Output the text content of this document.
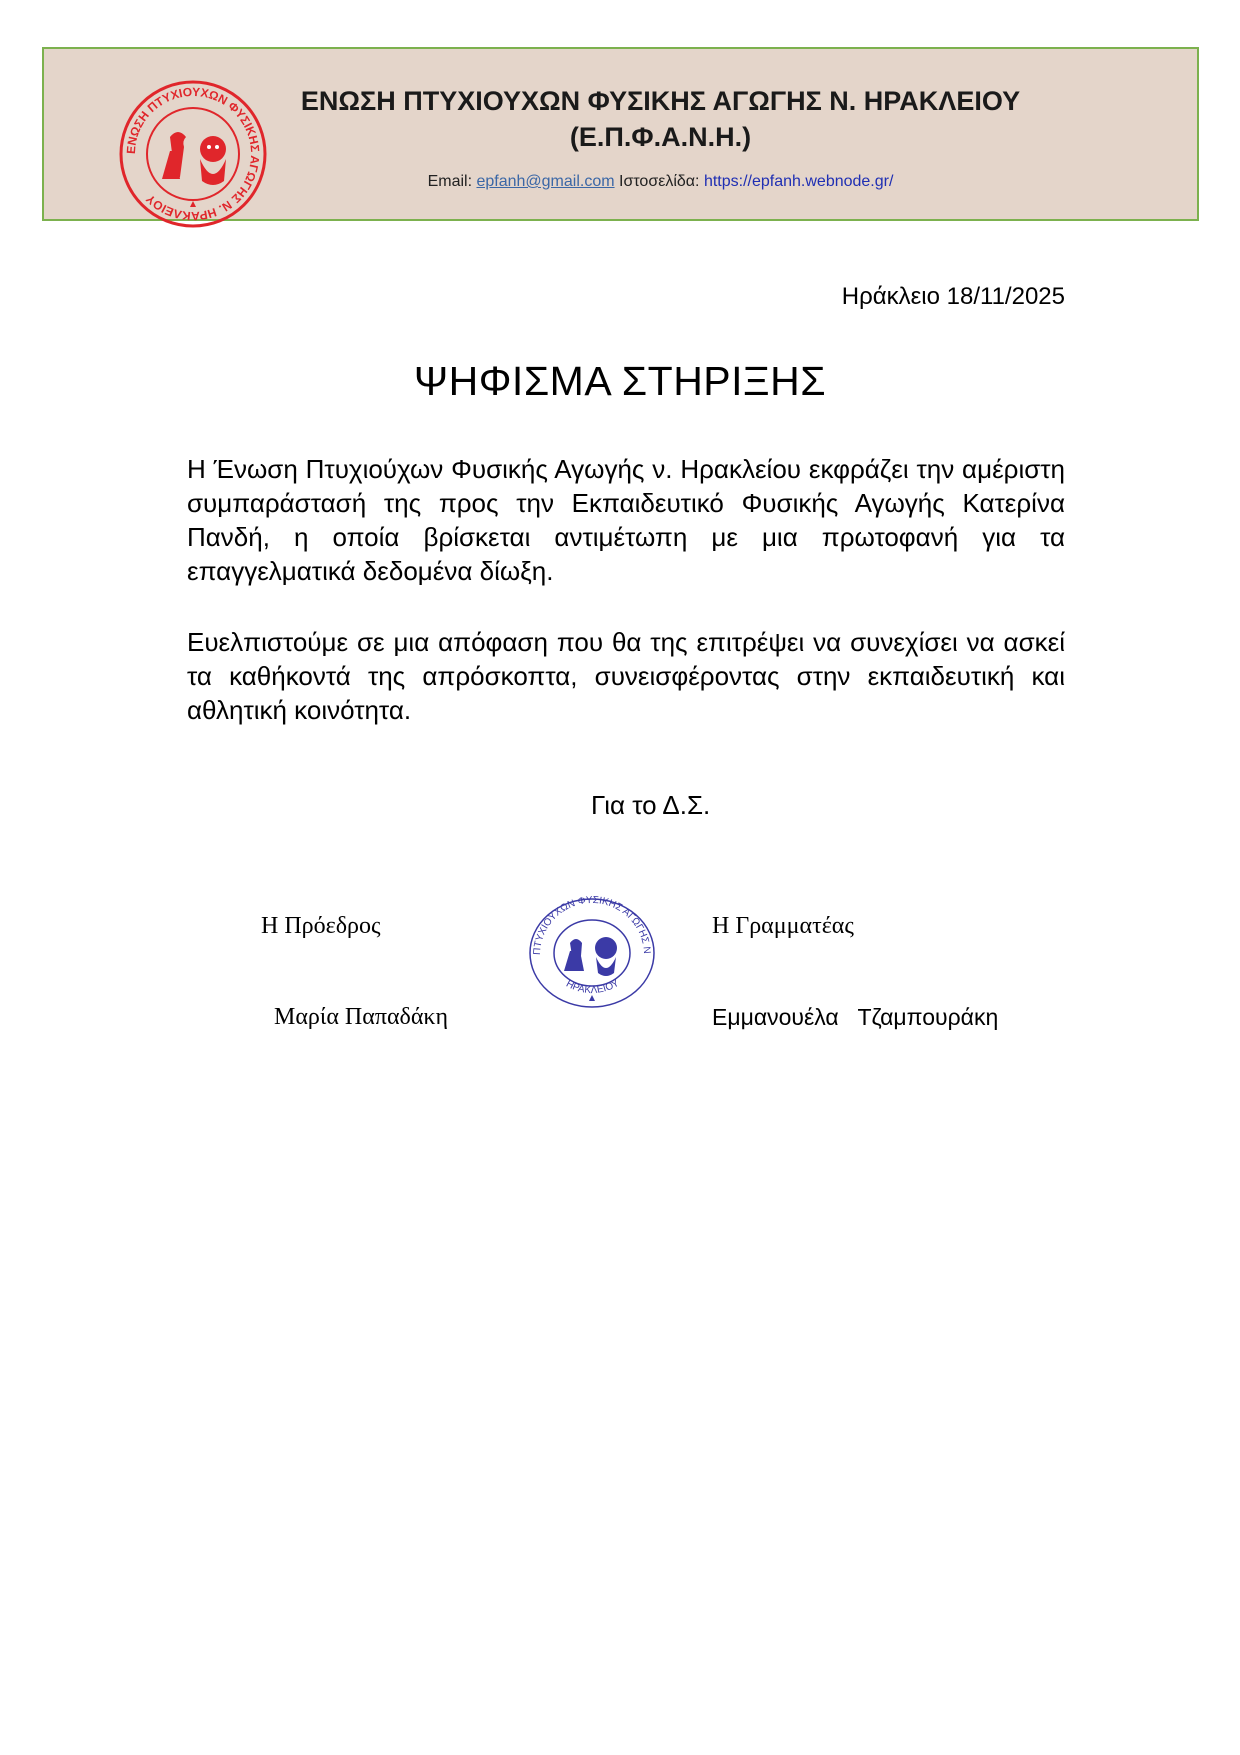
ΕΝΩΣΗ ΠΤΥΧΙΟΥΧΩΝ ΦΥΣΙΚΗΣ ΑΓΩΓΗΣ Ν. ΗΡΑΚΛΕΙΟΥ
ΕΝΩΣΗ ΠΤΥΧΙΟΥΧΩΝ ΦΥΣΙΚΗΣ ΑΓΩΓΗΣ Ν. ΗΡΑΚΛΕΙΟΥ
(Ε.Π.Φ.Α.Ν.Η.)
Email: epfanh@gmail.com Ιστοσελίδα: https://epfanh.webnode.gr/
Ηράκλειο 18/11/2025
ΨΗΦΙΣΜΑ ΣΤΗΡΙΞΗΣ

Η Ένωση Πτυχιούχων Φυσικής Αγωγής ν. Ηρακλείου εκφράζει την αμέριστη συμπαράστασή της προς την Εκπαιδευτικό Φυσικής Αγωγής Κατερίνα Πανδή, η οποία βρίσκεται αντιμέτωπη με μια πρωτοφανή για τα επαγγελματικά δεδομένα δίωξη.

Ευελπιστούμε σε μια απόφαση που θα της επιτρέψει να συνεχίσει να ασκεί τα καθήκοντά της απρόσκοπτα, συνεισφέροντας στην εκπαιδευτική και αθλητική κοινότητα.

Για το Δ.Σ.
Η Πρόεδρος
Μαρία Παπαδάκη
ΠΤΥΧΙΟΥΧΩΝ ΦΥΣΙΚΗΣ ΑΓΩΓΗΣ Ν
ΗΡΑΚΛΕΙΟΥ
Η Γραμματέας
Εμμανουέλα   Τζαμπουράκη
